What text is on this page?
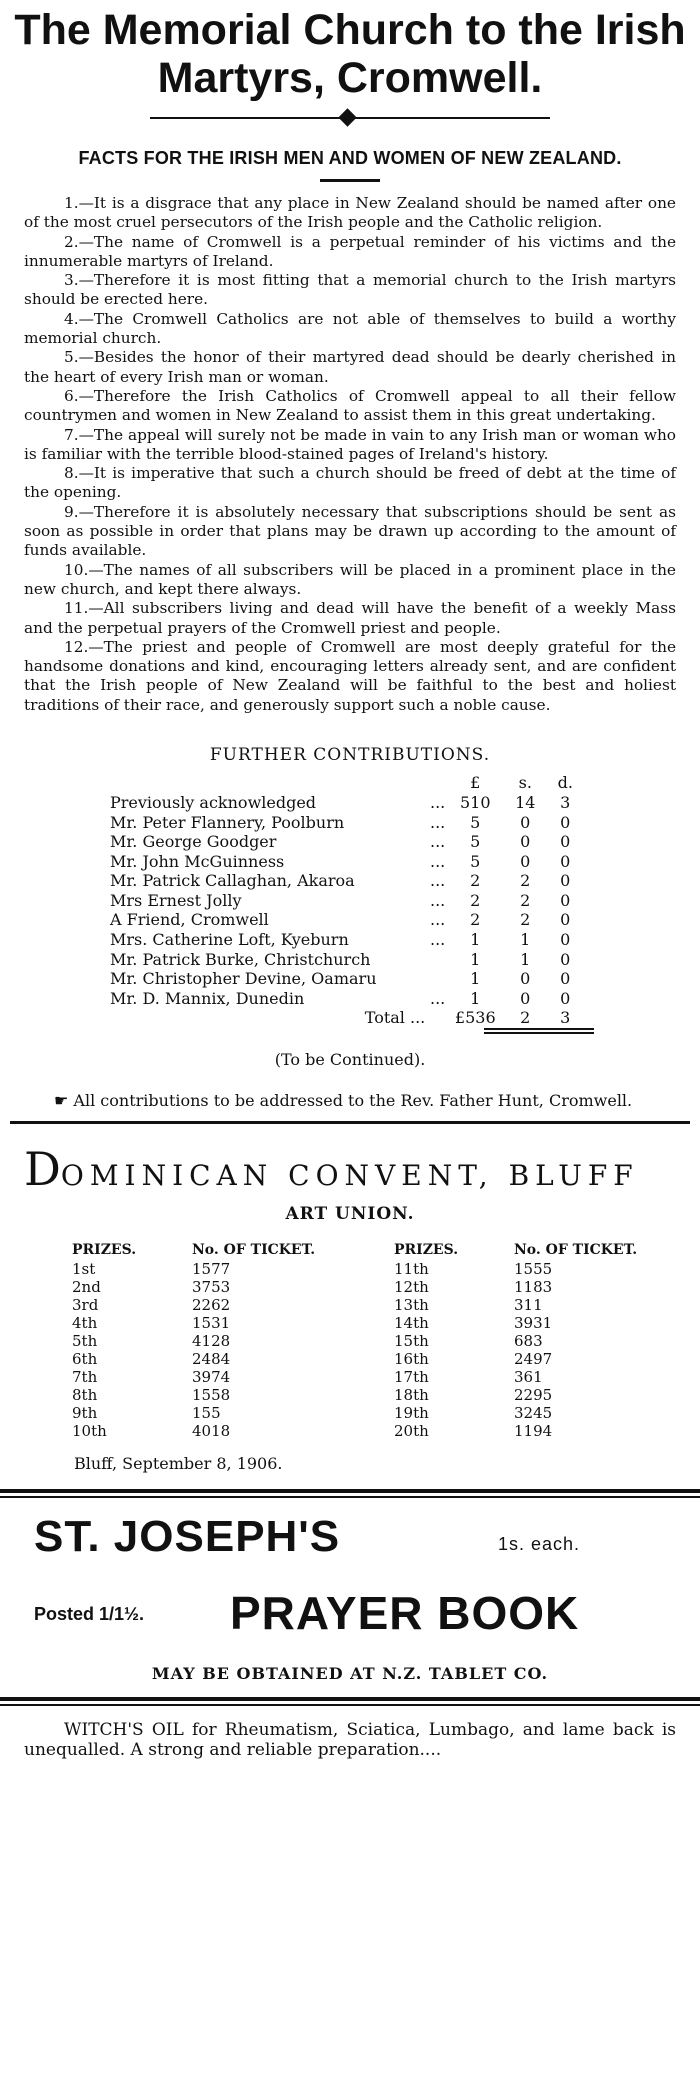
The Memorial Church to the Irish
Martyrs, Cromwell.
FACTS FOR THE IRISH MEN AND WOMEN OF NEW ZEALAND.

1.—It is a disgrace that any place in New Zealand should be named after one of the most cruel persecutors of the Irish people and the Catholic religion.

2.—The name of Cromwell is a perpetual reminder of his victims and the innumerable martyrs of Ireland.

3.—Therefore it is most fitting that a memorial church to the Irish martyrs should be erected here.

4.—The Cromwell Catholics are not able of themselves to build a worthy memorial church.

5.—Besides the honor of their martyred dead should be dearly cherished in the heart of every Irish man or woman.

6.—Therefore the Irish Catholics of Cromwell appeal to all their fellow countrymen and women in New Zealand to assist them in this great undertaking.

7.—The appeal will surely not be made in vain to any Irish man or woman who is familiar with the terrible blood-stained pages of Ireland's history.

8.—It is imperative that such a church should be freed of debt at the time of the opening.

9.—Therefore it is absolutely necessary that subscriptions should be sent as soon as possible in order that plans may be drawn up according to the amount of funds available.

10.—The names of all subscribers will be placed in a prominent place in the new church, and kept there always.

11.—All subscribers living and dead will have the benefit of a weekly Mass and the perpetual prayers of the Cromwell priest and people.

12.—The priest and people of Cromwell are most deeply grateful for the handsome donations and kind, encouraging letters already sent, and are confident that the Irish people of New Zealand will be faithful to the best and holiest traditions of their race, and generously support such a noble cause.

FURTHER CONTRIBUTIONS.
		£	s.	d.
Previously acknowledged	...	510	14	3
Mr. Peter Flannery, Poolburn	...	5	0	0
Mr. George Goodger	...	5	0	0
Mr. John McGuinness	...	5	0	0
Mr. Patrick Callaghan, Akaroa	...	2	2	0
Mrs Ernest Jolly	...	2	2	0
A Friend, Cromwell	...	2	2	0
Mrs. Catherine Loft, Kyeburn	...	1	1	0
Mr. Patrick Burke, Christchurch		1	1	0
Mr. Christopher Devine, Oamaru		1	0	0
Mr. D. Mannix, Dunedin	...	1	0	0
Total ...		£536	2	3
(To be Continued).
☛ All contributions to be addressed to the Rev. Father Hunt, Cromwell.
DOMINICAN CONVENT, BLUFF
ART UNION.
PRIZES.	No. OF TICKET.
1st	1577
2nd	3753
3rd	2262
4th	1531
5th	4128
6th	2484
7th	3974
8th	1558
9th	155
10th	4018
PRIZES.	No. OF TICKET.
11th	1555
12th	1183
13th	311
14th	3931
15th	683
16th	2497
17th	361
18th	2295
19th	3245
20th	1194
Bluff, September 8, 1906.
ST. JOSEPH'S	1s. each.
Posted 1/1½. PRAYER BOOK
MAY BE OBTAINED AT N.Z. TABLET CO.
WITCH'S OIL for Rheumatism, Sciatica, Lumbago, and lame back is unequalled. A strong and reliable preparation....
